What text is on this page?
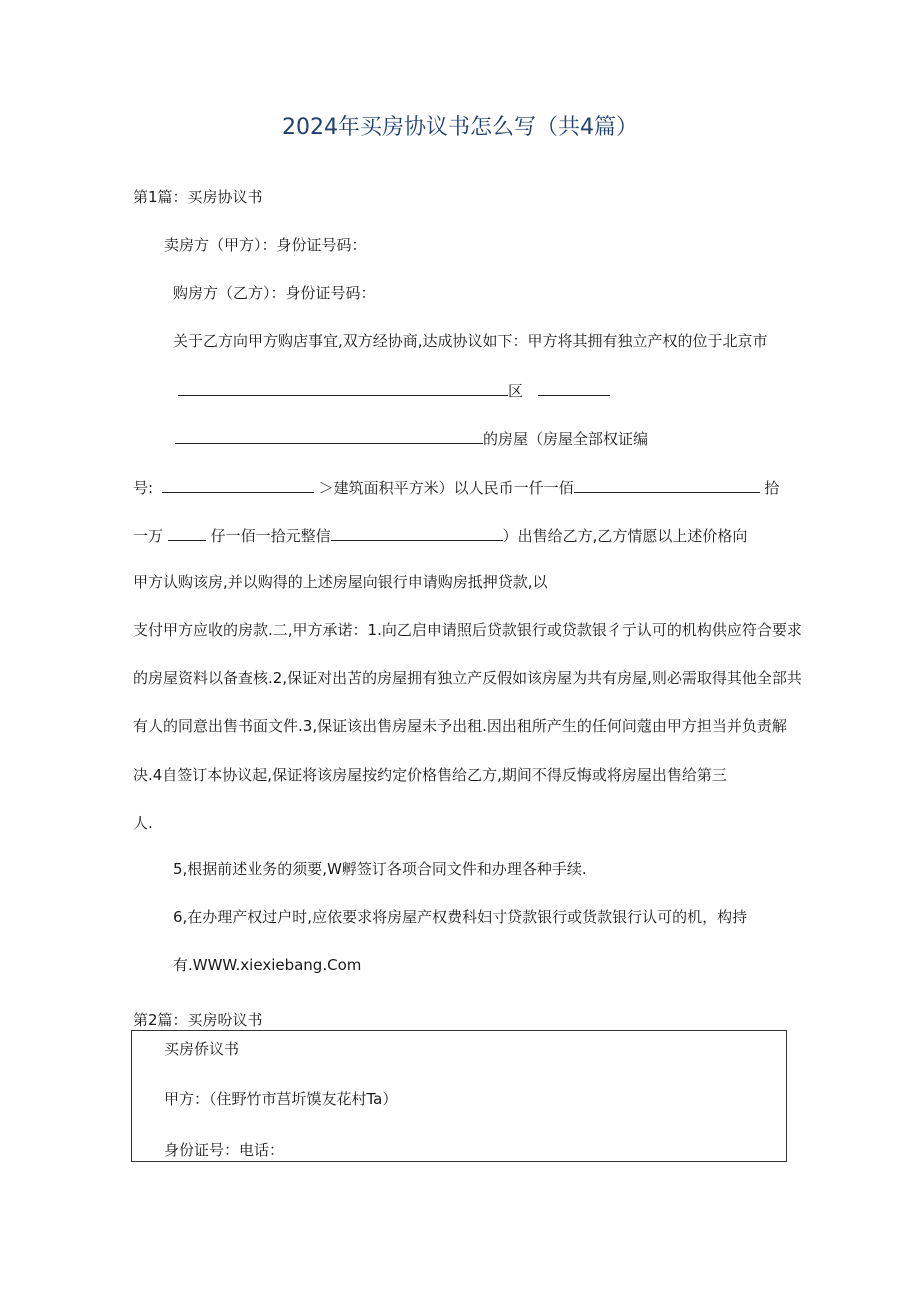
2024年买房协议书怎么写（共4篇）
第1篇：买房协议书
卖房方（甲方）：身份证号码：
购房方（乙方）：身份证号码：
关于乙方向甲方购店事宜,双方经协商,达成协议如下：甲方将其拥有独立产权的位于北京市
区
的房屋（房屋全部权证编
号:	＞建筑面积平方米）以人民币一仟一佰	拾
一万	仔一佰一拾元整信	）出售给乙方,乙方情愿以上述价格向
甲方认购该房,并以购得的上述房屋向银行申请购房抵押贷款,以
支付甲方应收的房款.二,甲方承诺：1.向乙启申请照后贷款银行或贷款银彳亍认可的机构供应符合要求
的房屋资料以备查核.2,保证对出苫的房屋拥有独立产反假如该房屋为共有房屋,则必需取得其他全部共
有人的同意出售书面文件.3,保证该出售房屋未予出租.因出租所产生的任何问蔻由甲方担当并负责解
决.4自签订本协议起,保证将该房屋按约定价格售给乙方,期间不得反悔或将房屋出售给第三
人.
5,根据前述业务的须要,W孵签订各项合同文件和办理各种手续.
6,在办理产权过户时,应依要求将房屋产权费科妇寸贷款银行或货款银行认可的机，构持
有.WWW.xiexiebang.Com
第2篇：买房吩议书
买房侨议书
甲方：（住野竹市莒圻馍友花村Ta）
身份证号：电话：
